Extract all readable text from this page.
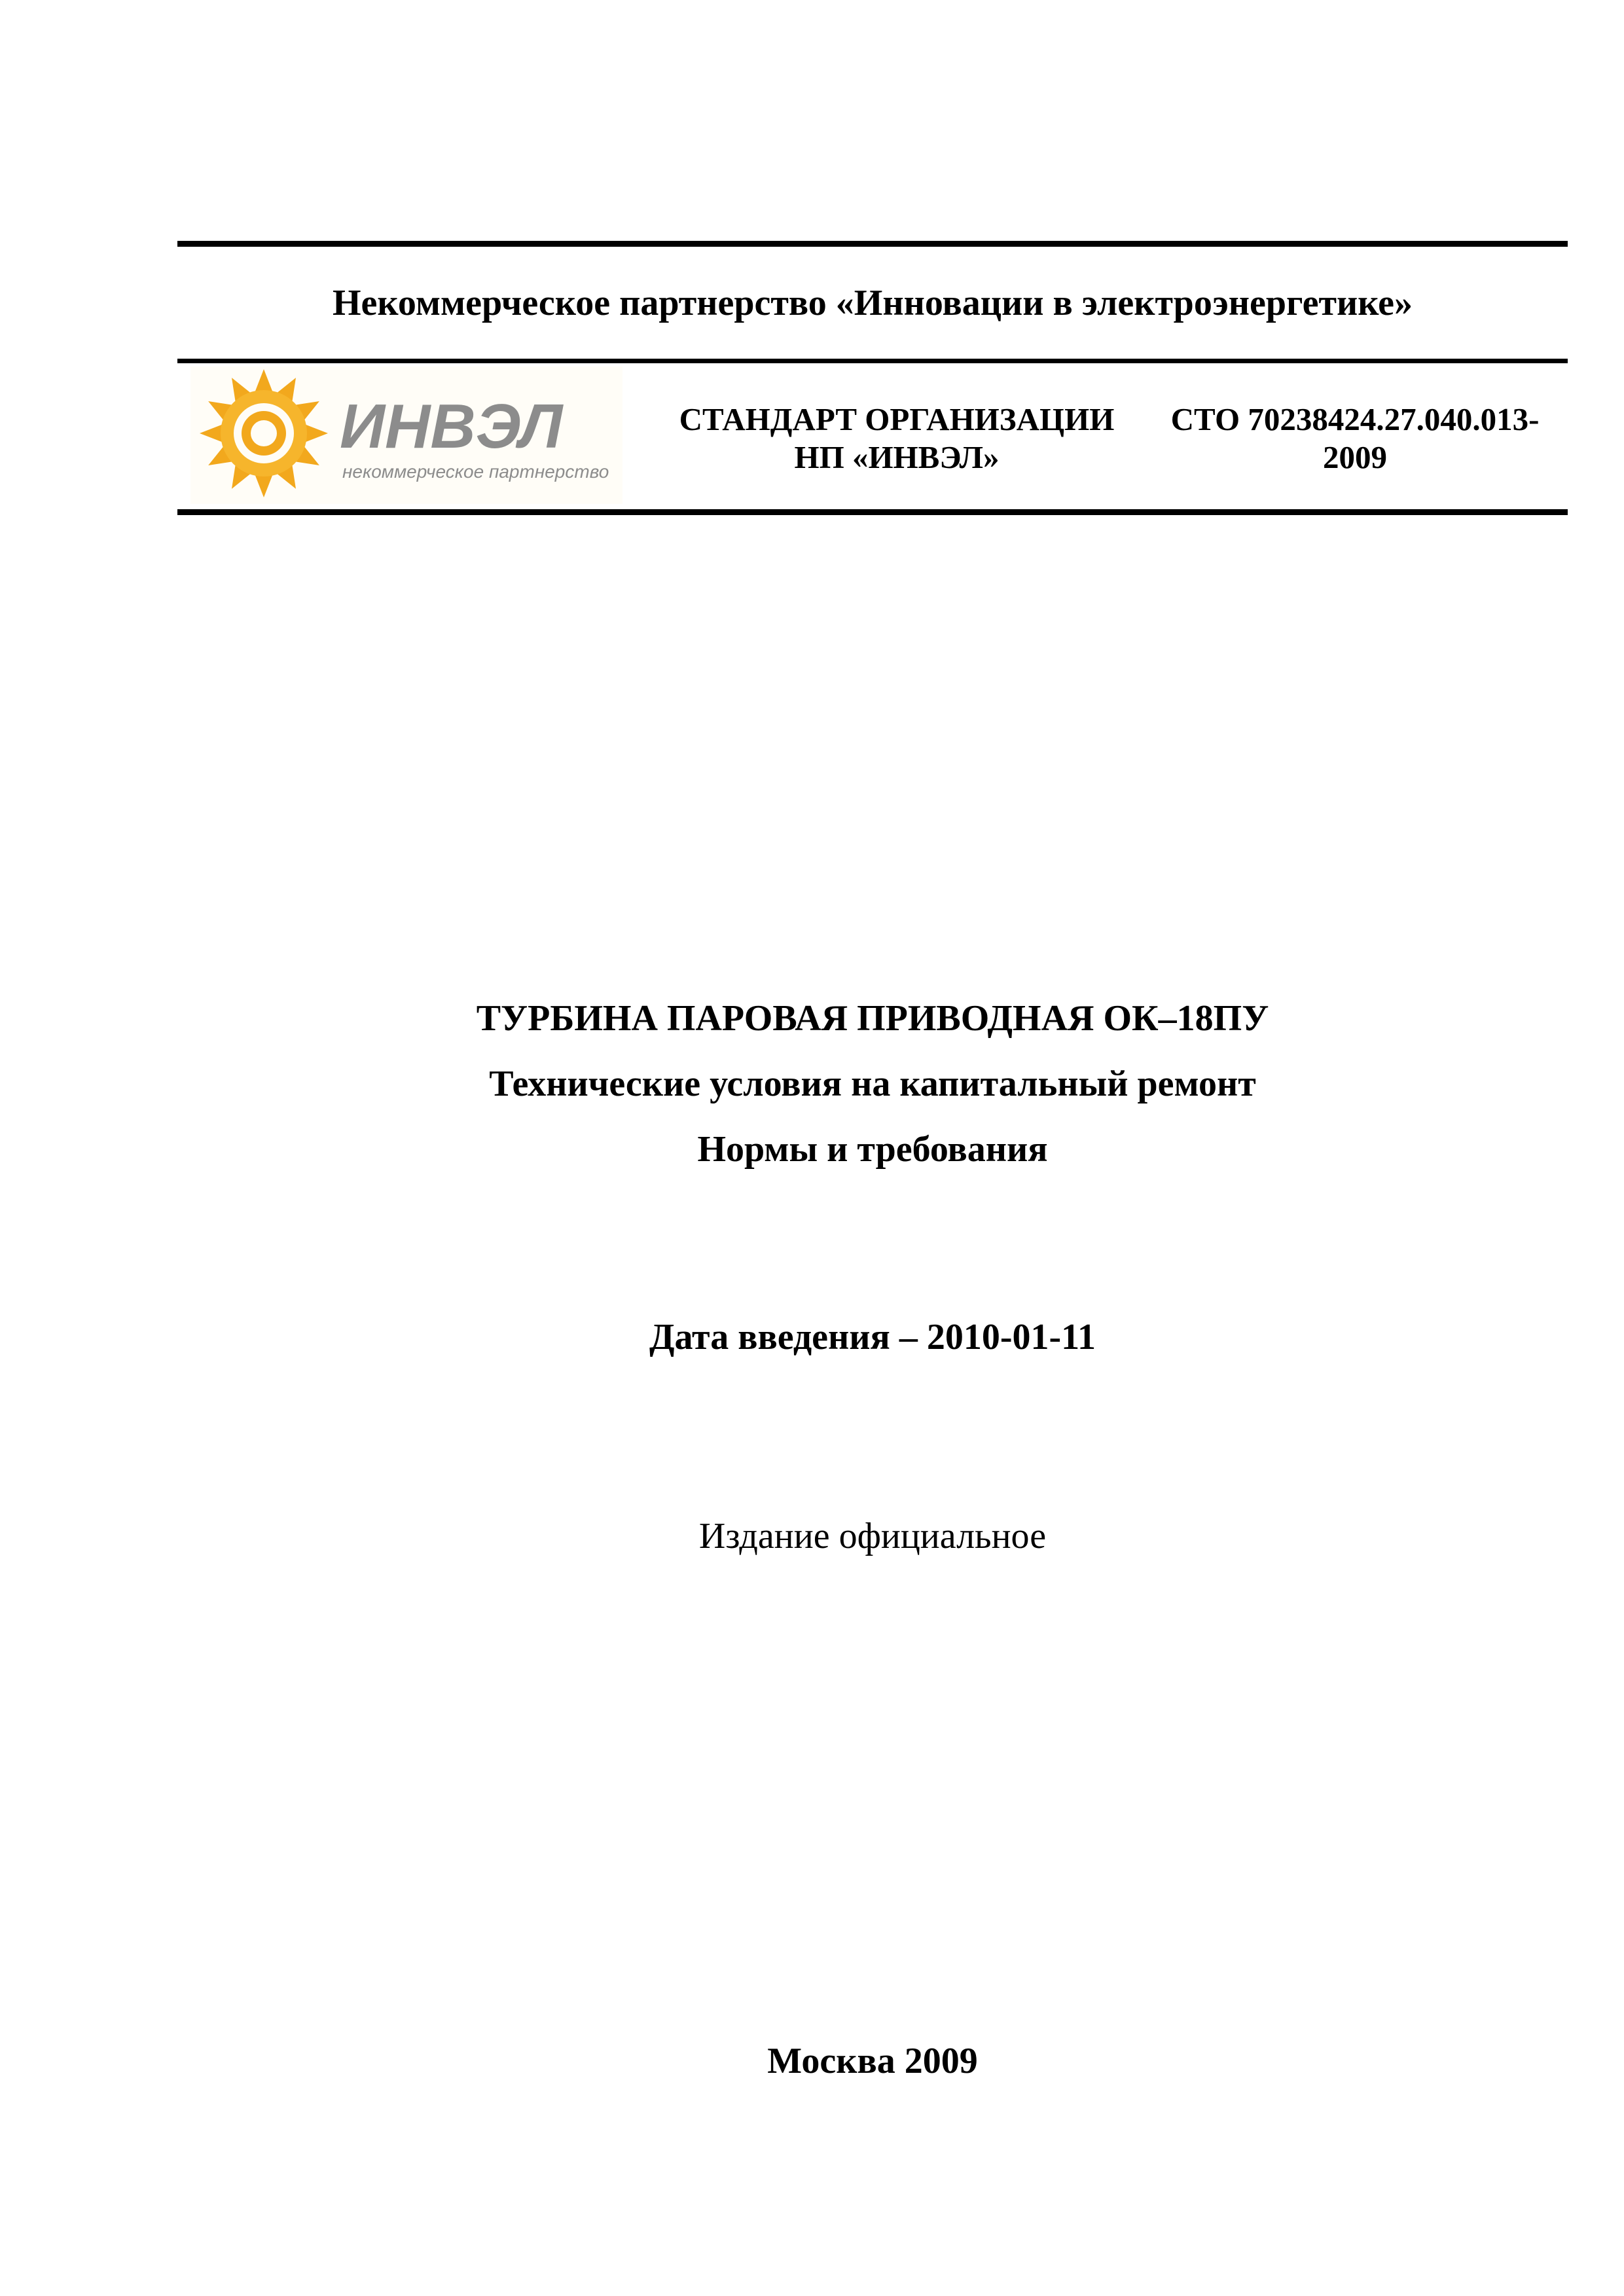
Некоммерческое партнерство «Инновации в электроэнергетике»
ИНВЭЛ
некоммерческое партнерство
СТАНДАРТ ОРГАНИЗАЦИИ
НП «ИНВЭЛ»
СТО 70238424.27.040.013-
2009
ТУРБИНА ПАРОВАЯ ПРИВОДНАЯ ОК–18ПУ
Технические условия на капитальный ремонт
Нормы и требования
Дата введения – 2010-01-11
Издание официальное
Москва 2009
